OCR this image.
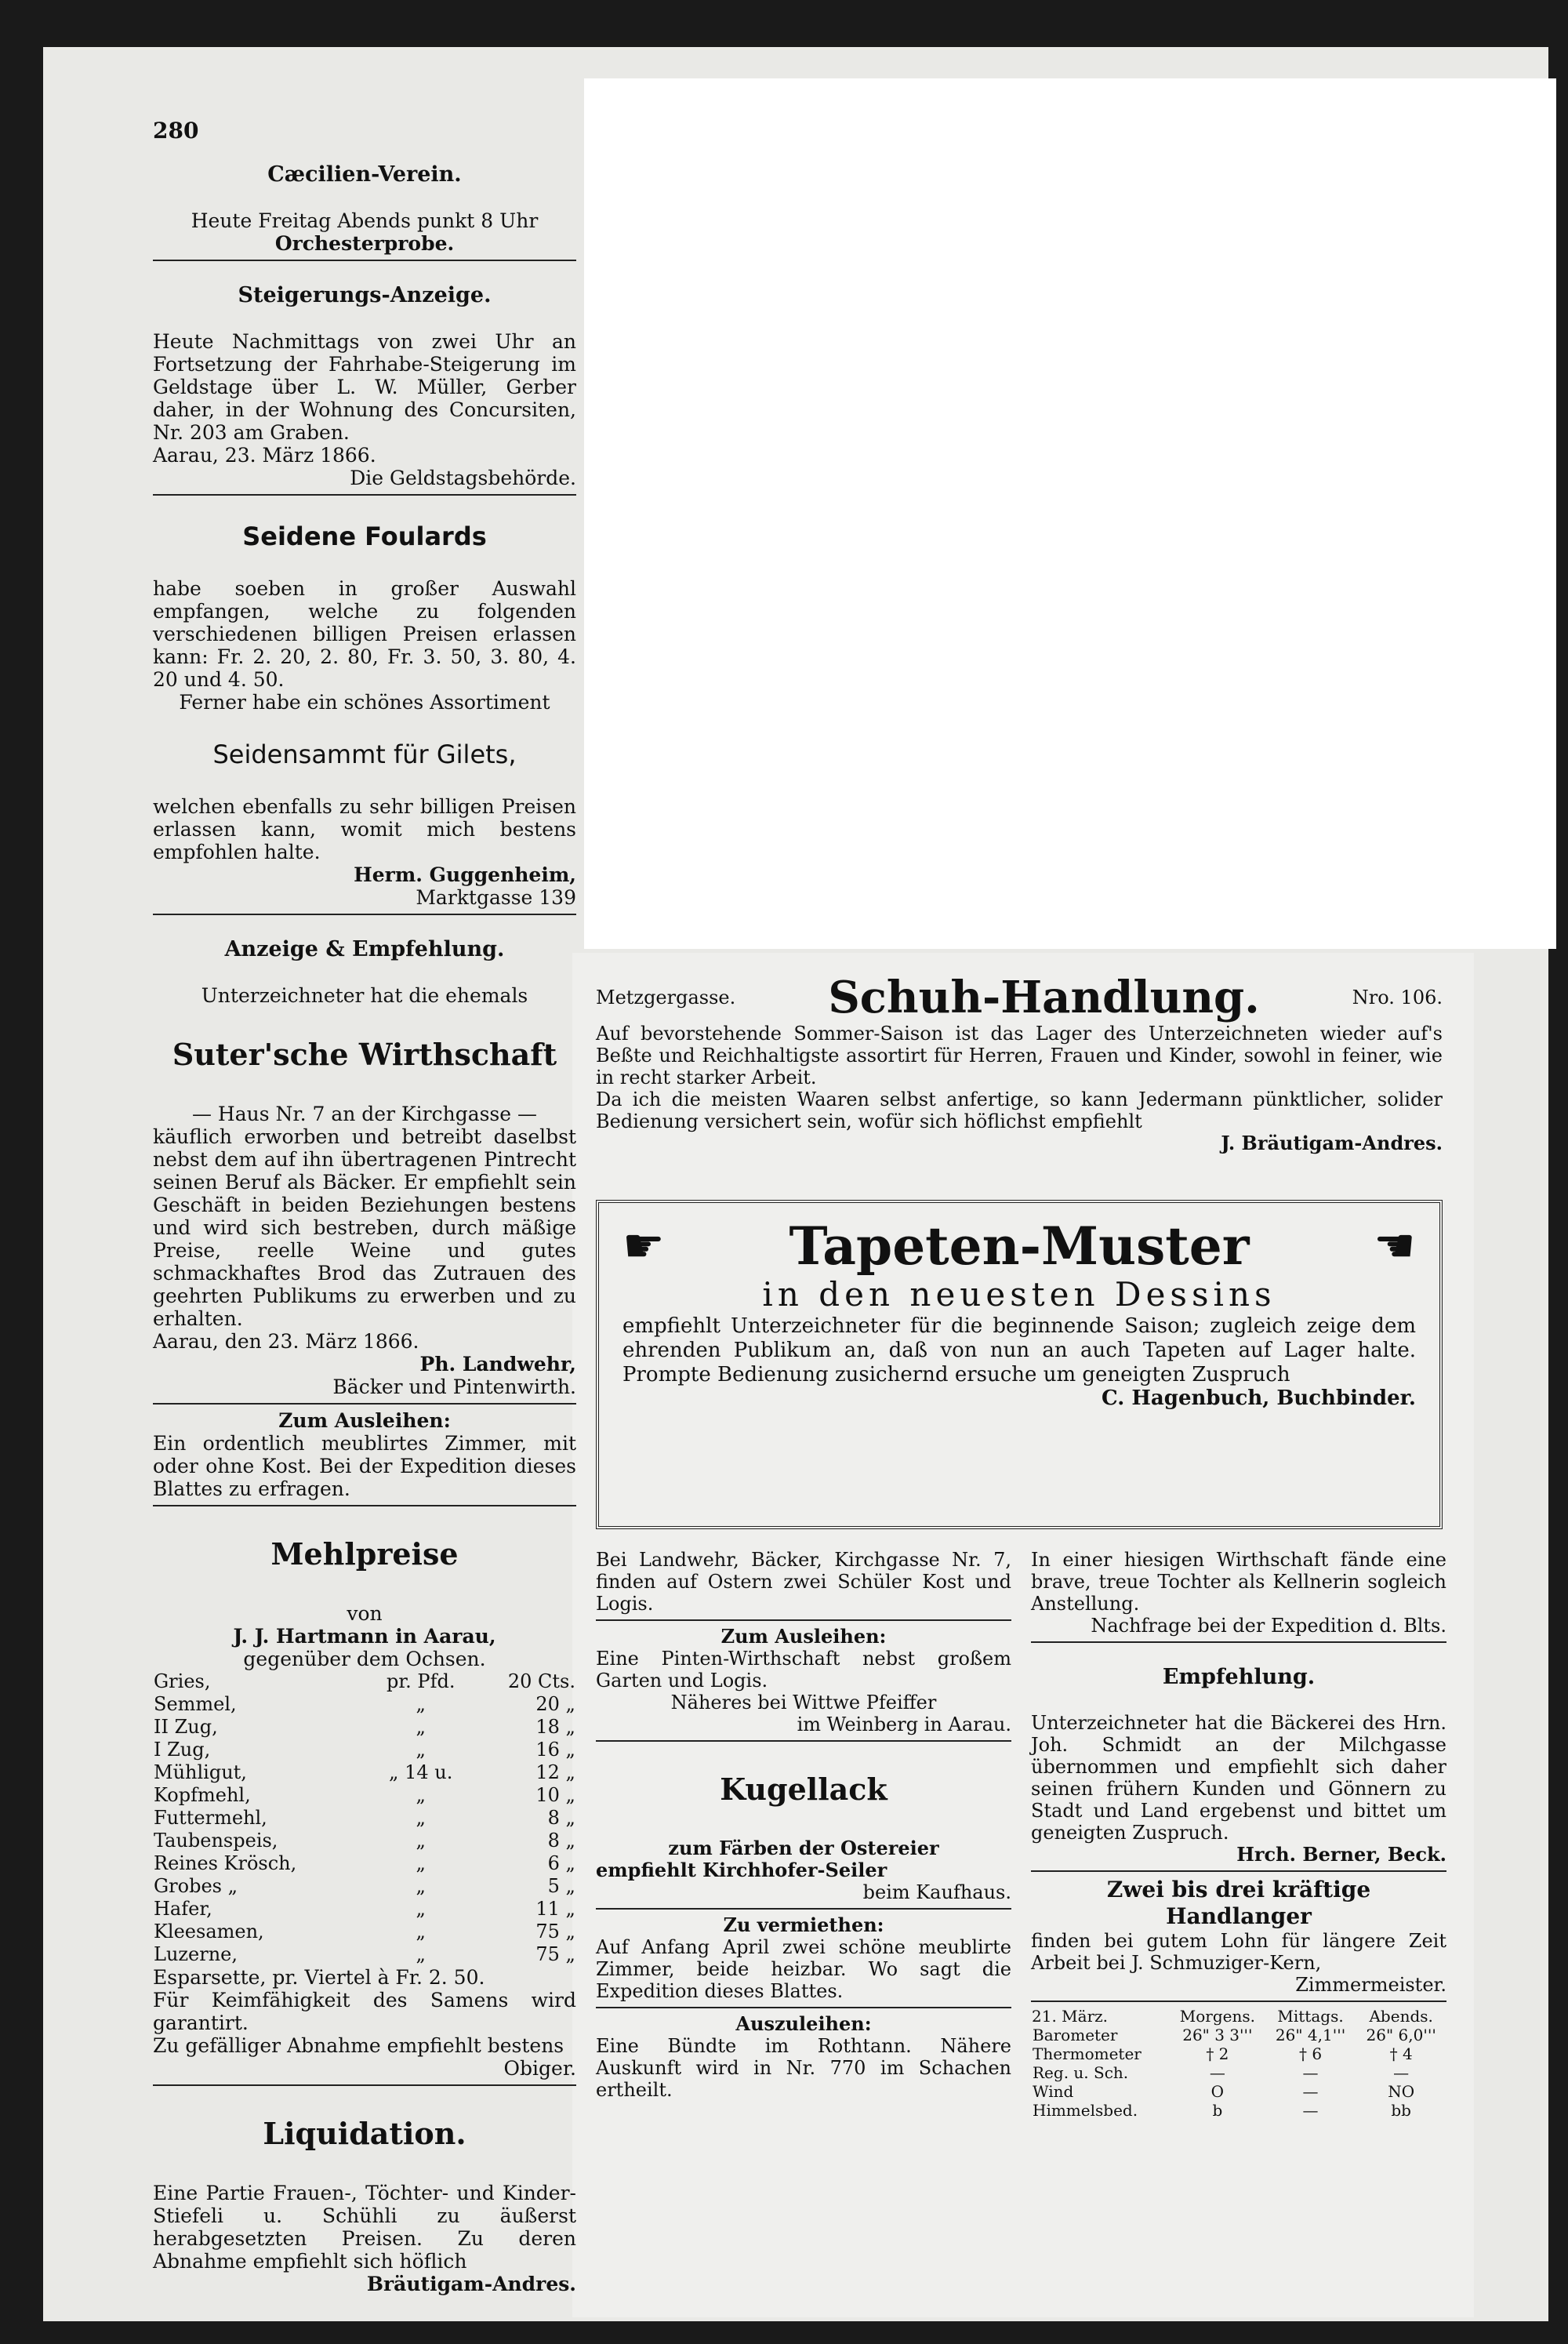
280

Cæcilien-Verein.

Heute Freitag Abends punkt 8 Uhr

Orchesterprobe.

Steigerungs-Anzeige.

Heute Nachmittags von zwei Uhr an Fortsetzung der Fahrhabe-Steigerung im Geldstage über L. W. Müller, Gerber daher, in der Wohnung des Concursiten, Nr. 203 am Graben.

Aarau, 23. März 1866.

Die Geldstagsbehörde.

Seidene Foulards

habe soeben in großer Auswahl empfangen, welche zu folgenden verschiedenen billigen Preisen erlassen kann: Fr. 2. 20, 2. 80, Fr. 3. 50, 3. 80, 4. 20 und 4. 50.

Ferner habe ein schönes Assortiment

Seidensammt für Gilets,

welchen ebenfalls zu sehr billigen Preisen erlassen kann, womit mich bestens empfohlen halte.

Herm. Guggenheim,

Marktgasse 139

Anzeige & Empfehlung.

Unterzeichneter hat die ehemals

Suter'sche Wirthschaft

— Haus Nr. 7 an der Kirchgasse —

käuflich erworben und betreibt daselbst nebst dem auf ihn übertragenen Pintrecht seinen Beruf als Bäcker. Er empfiehlt sein Geschäft in beiden Beziehungen bestens und wird sich bestreben, durch mäßige Preise, reelle Weine und gutes schmackhaftes Brod das Zutrauen des geehrten Publikums zu erwerben und zu erhalten.

Aarau, den 23. März 1866.

Ph. Landwehr,

Bäcker und Pintenwirth.

Zum Ausleihen:

Ein ordentlich meublirtes Zimmer, mit oder ohne Kost. Bei der Expedition dieses Blattes zu erfragen.

Mehlpreise

von

J. J. Hartmann in Aarau,

gegenüber dem Ochsen.

Gries,	pr. Pfd.	20 Cts.
Semmel,	„	20 „
II Zug,	„	18 „
I Zug,	„	16 „
Mühligut,	„ 14 u.	12 „
Kopfmehl,	„	10 „
Futtermehl,	„	8 „
Taubenspeis,	„	8 „
Reines Krösch,	„	6 „
Grobes „	„	5 „
Hafer,	„	11 „
Kleesamen,	„	75 „
Luzerne,	„	75 „

Esparsette, pr. Viertel à Fr. 2. 50.

Für Keimfähigkeit des Samens wird garantirt.

Zu gefälliger Abnahme empfiehlt bestens

Obiger.

Liquidation.

Eine Partie Frauen-, Töchter- und Kinder-Stiefeli u. Schühli zu äußerst herabgesetzten Preisen. Zu deren Abnahme empfiehlt sich höflich

Bräutigam-Andres.

Metzgergasse. Schuh-Handlung.	Nro. 106.

Auf bevorstehende Sommer-Saison ist das Lager des Unterzeichneten wieder auf's Beßte und Reichhaltigste assortirt für Herren, Frauen und Kinder, sowohl in feiner, wie in recht starker Arbeit.

Da ich die meisten Waaren selbst anfertige, so kann Jedermann pünktlicher, solider Bedienung versichert sein, wofür sich höflichst empfiehlt

J. Bräutigam-Andres.

☛ Tapeten-Muster	☛

in den neuesten Dessins

empfiehlt Unterzeichneter für die beginnende Saison; zugleich zeige dem ehrenden Publikum an, daß von nun an auch Tapeten auf Lager halte. Prompte Bedienung zusichernd ersuche um geneigten Zuspruch

C. Hagenbuch, Buchbinder.

Bei Landwehr, Bäcker, Kirchgasse Nr. 7, finden auf Ostern zwei Schüler Kost und Logis.

Zum Ausleihen:

Eine Pinten-Wirthschaft nebst großem Garten und Logis.

Näheres bei Wittwe Pfeiffer

im Weinberg in Aarau.

Kugellack

zum Färben der Ostereier

empfiehlt Kirchhofer-Seiler

beim Kaufhaus.

Zu vermiethen:

Auf Anfang April zwei schöne meublirte Zimmer, beide heizbar. Wo sagt die Expedition dieses Blattes.

Auszuleihen:

Eine Bündte im Rothtann. Nähere Auskunft wird in Nr. 770 im Schachen ertheilt.

In einer hiesigen Wirthschaft fände eine brave, treue Tochter als Kellnerin sogleich Anstellung.

Nachfrage bei der Expedition d. Blts.

Empfehlung.

Unterzeichneter hat die Bäckerei des Hrn. Joh. Schmidt an der Milchgasse übernommen und empfiehlt sich daher seinen frühern Kunden und Gönnern zu Stadt und Land ergebenst und bittet um geneigten Zuspruch.

Hrch. Berner, Beck.

Zwei bis drei kräftige Handlanger

finden bei gutem Lohn für längere Zeit Arbeit bei J. Schmuziger-Kern,

Zimmermeister.

21. März.	Morgens.	Mittags.	Abends.
Barometer	26" 3 3'''	26" 4,1'''	26" 6,0'''
Thermometer	† 2	† 6	† 4
Reg. u. Sch.	—	—	—
Wind	O	—	NO
Himmelsbed.	b	—	bb
